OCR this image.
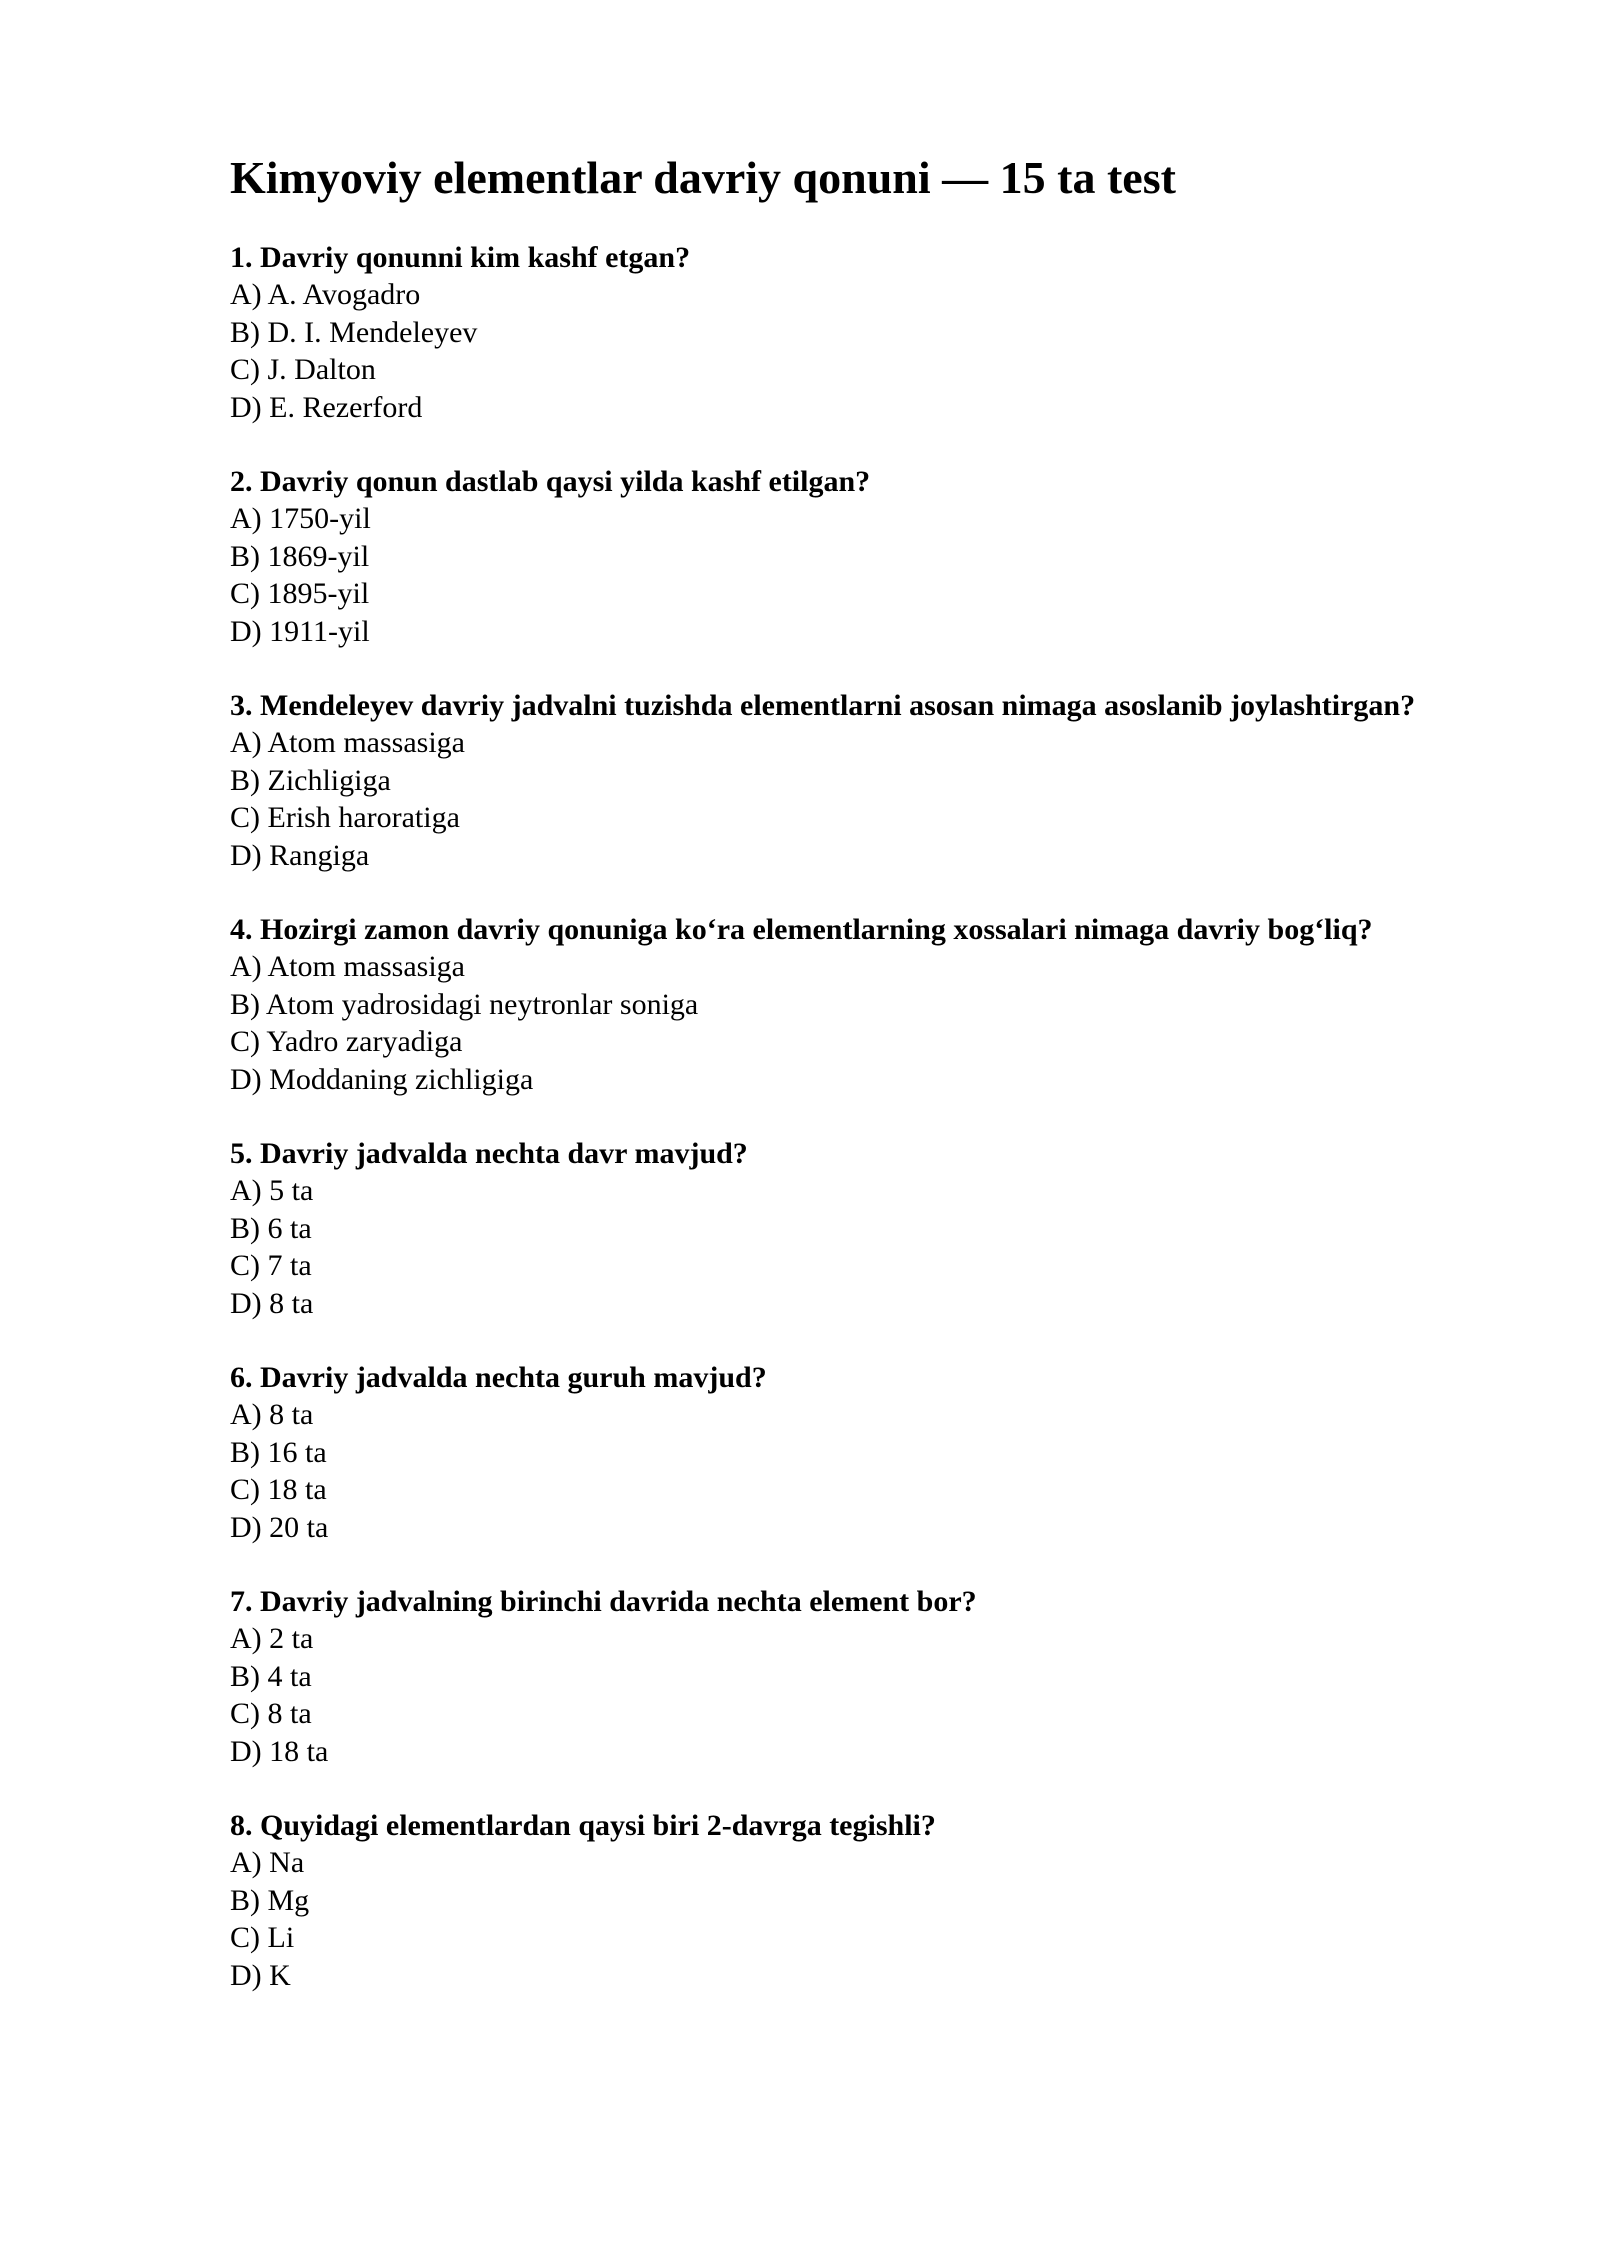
Kimyoviy elementlar davriy qonuni — 15 ta test

1. Davriy qonunni kim kashf etgan?

A) A. Avogadro

B) D. I. Mendeleyev

C) J. Dalton

D) E. Rezerford

2. Davriy qonun dastlab qaysi yilda kashf etilgan?

A) 1750-yil

B) 1869-yil

C) 1895-yil

D) 1911-yil

3. Mendeleyev davriy jadvalni tuzishda elementlarni asosan nimaga asoslanib joylashtirgan?

A) Atom massasiga

B) Zichligiga

C) Erish haroratiga

D) Rangiga

4. Hozirgi zamon davriy qonuniga ko‘ra elementlarning xossalari nimaga davriy bog‘liq?

A) Atom massasiga

B) Atom yadrosidagi neytronlar soniga

C) Yadro zaryadiga

D) Moddaning zichligiga

5. Davriy jadvalda nechta davr mavjud?

A) 5 ta

B) 6 ta

C) 7 ta

D) 8 ta

6. Davriy jadvalda nechta guruh mavjud?

A) 8 ta

B) 16 ta

C) 18 ta

D) 20 ta

7. Davriy jadvalning birinchi davrida nechta element bor?

A) 2 ta

B) 4 ta

C) 8 ta

D) 18 ta

8. Quyidagi elementlardan qaysi biri 2-davrga tegishli?

A) Na

B) Mg

C) Li

D) K
